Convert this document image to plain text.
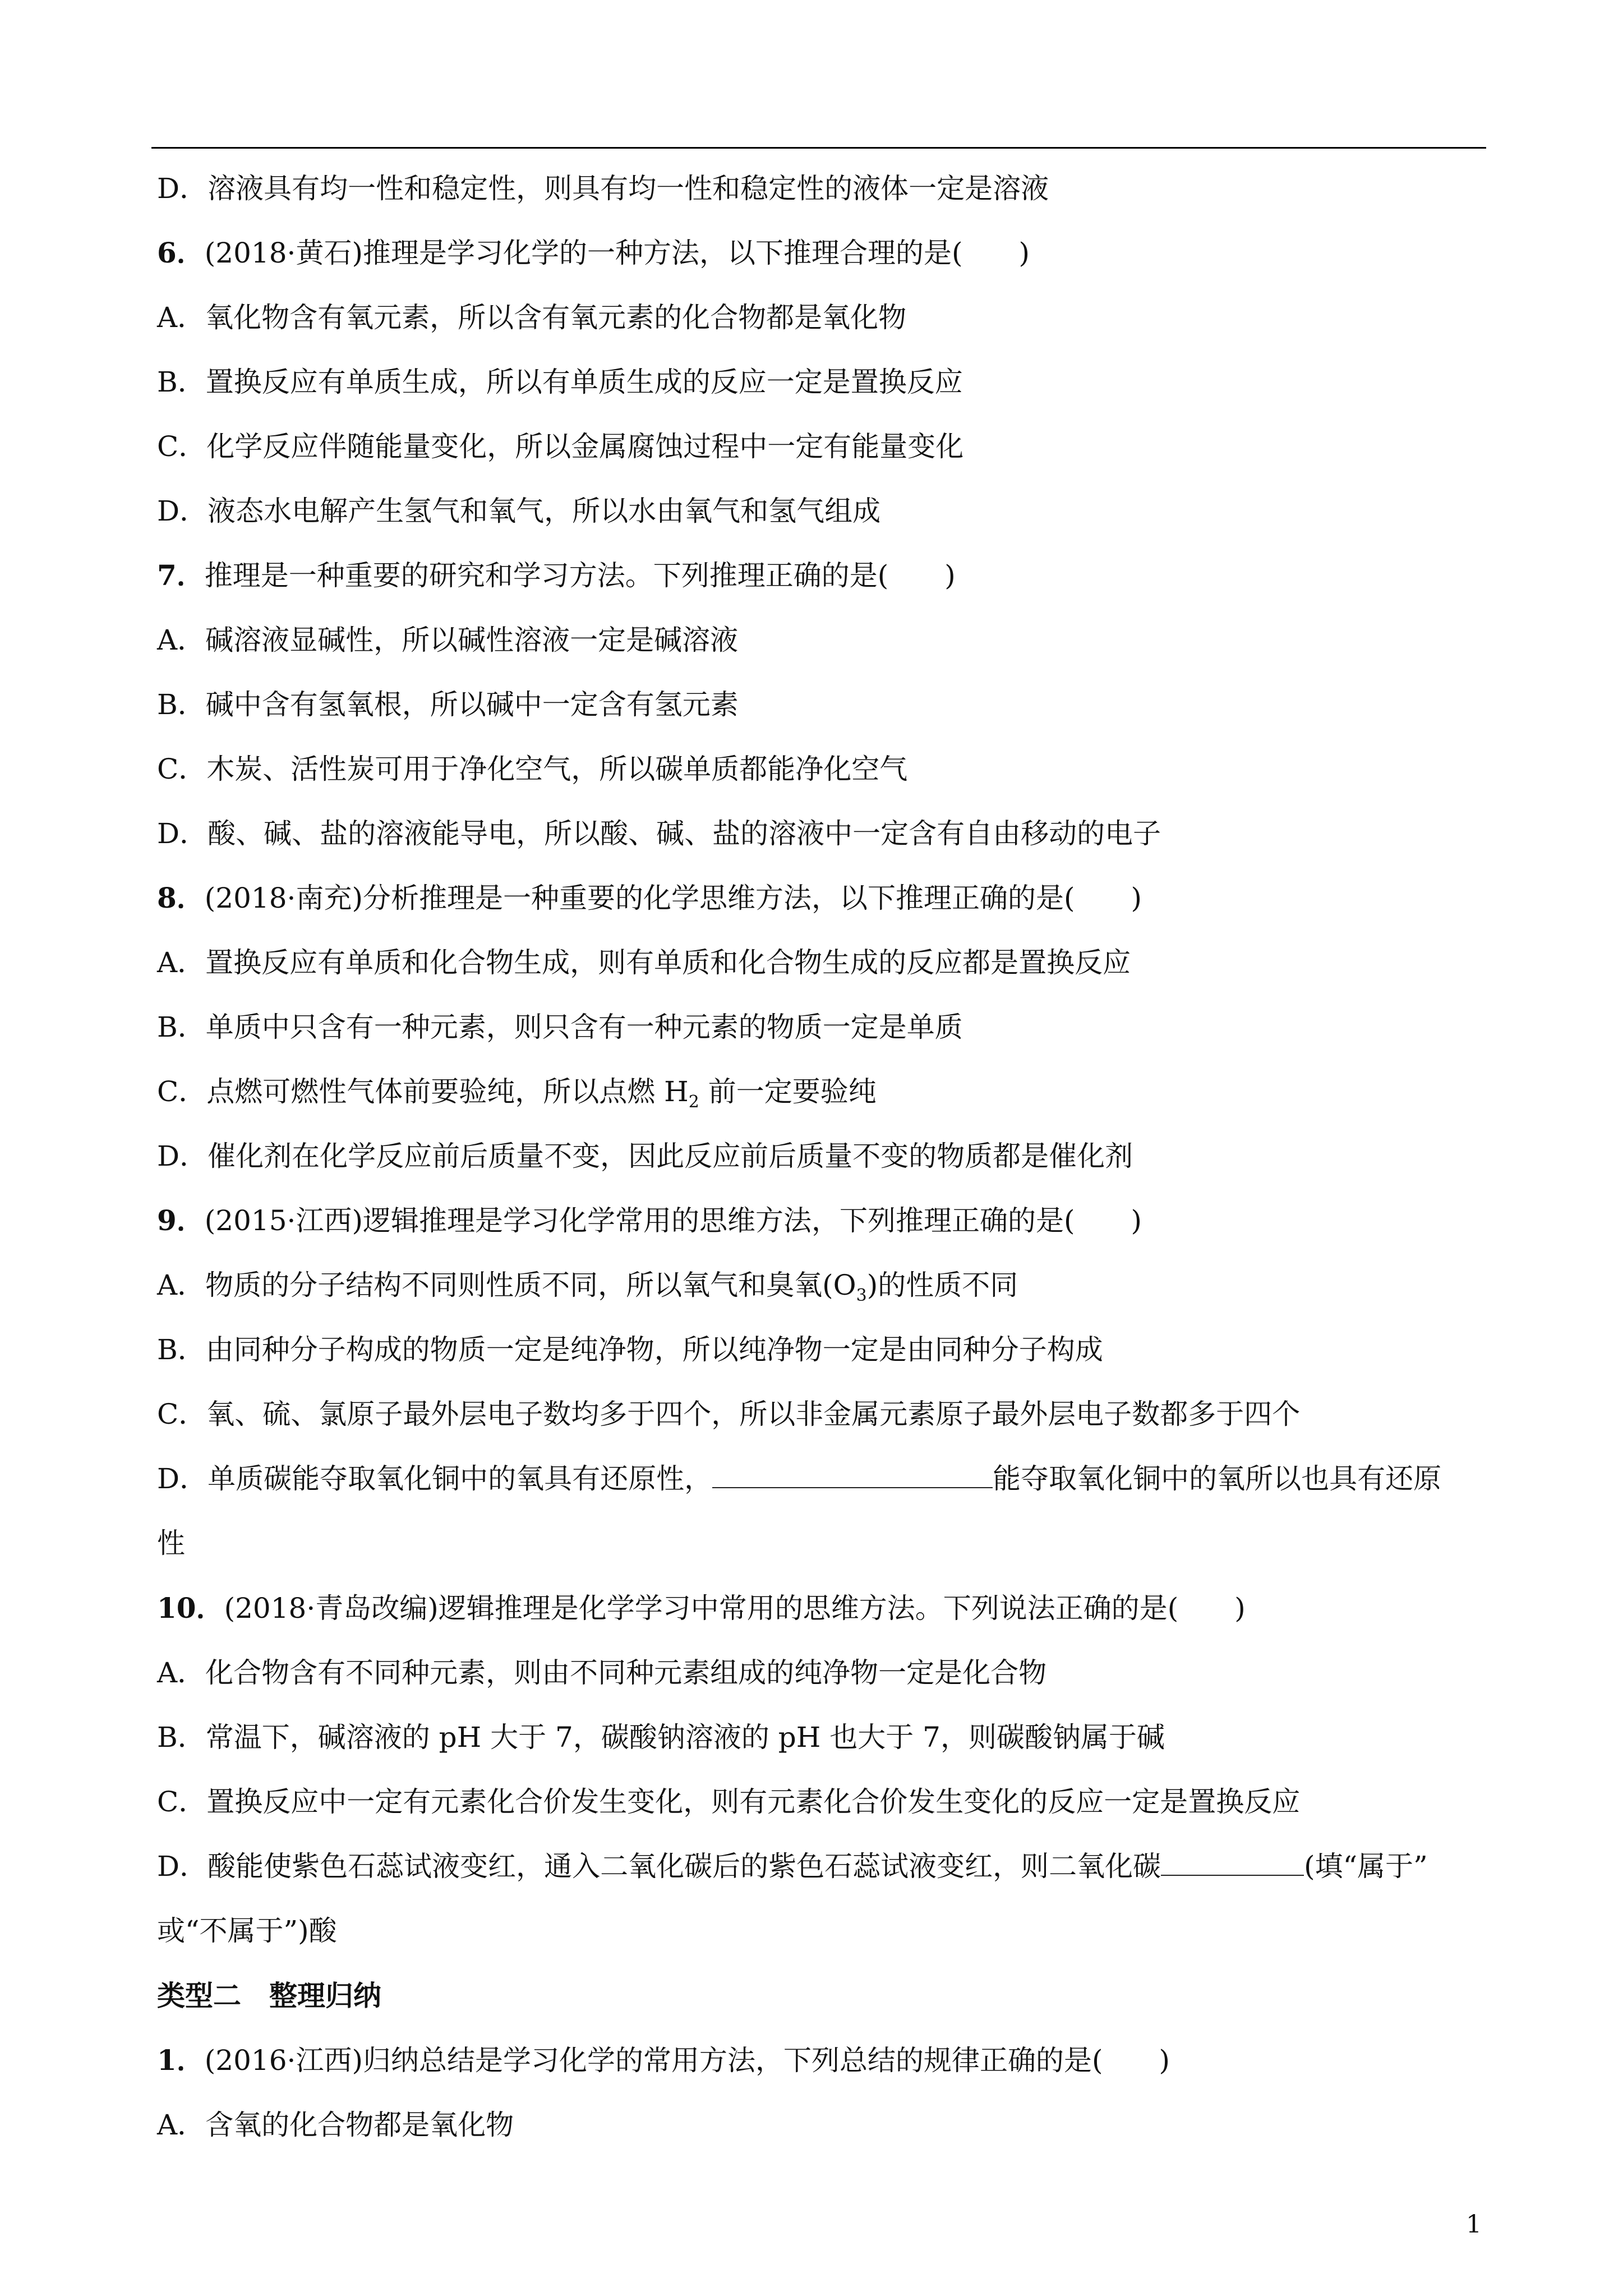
D．溶液具有均一性和稳定性，则具有均一性和稳定性的液体一定是溶液
6．(2018·黄石)推理是学习化学的一种方法，以下推理合理的是(　　)
A．氧化物含有氧元素，所以含有氧元素的化合物都是氧化物
B．置换反应有单质生成，所以有单质生成的反应一定是置换反应
C．化学反应伴随能量变化，所以金属腐蚀过程中一定有能量变化
D．液态水电解产生氢气和氧气，所以水由氧气和氢气组成
7．推理是一种重要的研究和学习方法。下列推理正确的是(　　)
A．碱溶液显碱性，所以碱性溶液一定是碱溶液
B．碱中含有氢氧根，所以碱中一定含有氢元素
C．木炭、活性炭可用于净化空气，所以碳单质都能净化空气
D．酸、碱、盐的溶液能导电，所以酸、碱、盐的溶液中一定含有自由移动的电子
8．(2018·南充)分析推理是一种重要的化学思维方法，以下推理正确的是(　　)
A．置换反应有单质和化合物生成，则有单质和化合物生成的反应都是置换反应
B．单质中只含有一种元素，则只含有一种元素的物质一定是单质
C．点燃可燃性气体前要验纯，所以点燃 $H_2$ 前一定要验纯
D．催化剂在化学反应前后质量不变，因此反应前后质量不变的物质都是催化剂
9．(2015·江西)逻辑推理是学习化学常用的思维方法，下列推理正确的是(　　)
A．物质的分子结构不同则性质不同，所以氧气和臭氧$(O_3)$的性质不同
B．由同种分子构成的物质一定是纯净物，所以纯净物一定是由同种分子构成
C．氧、硫、氯原子最外层电子数均多于四个，所以非金属元素原子最外层电子数都多于四个
D．单质碳能夺取氧化铜中的氧具有还原性，	能夺取氧化铜中的氧所以也具有还原
性
10．(2018·青岛改编)逻辑推理是化学学习中常用的思维方法。下列说法正确的是(　　)
A．化合物含有不同种元素，则由不同种元素组成的纯净物一定是化合物
B．常温下，碱溶液的 pH 大于 7，碳酸钠溶液的 pH 也大于 7，则碳酸钠属于碱
C．置换反应中一定有元素化合价发生变化，则有元素化合价发生变化的反应一定是置换反应
D．酸能使紫色石蕊试液变红，通入二氧化碳后的紫色石蕊试液变红，则二氧化碳	(填“属于”
或“不属于”)酸
类型二　整理归纳
1．(2016·江西)归纳总结是学习化学的常用方法，下列总结的规律正确的是(　　)
A．含氧的化合物都是氧化物
1
